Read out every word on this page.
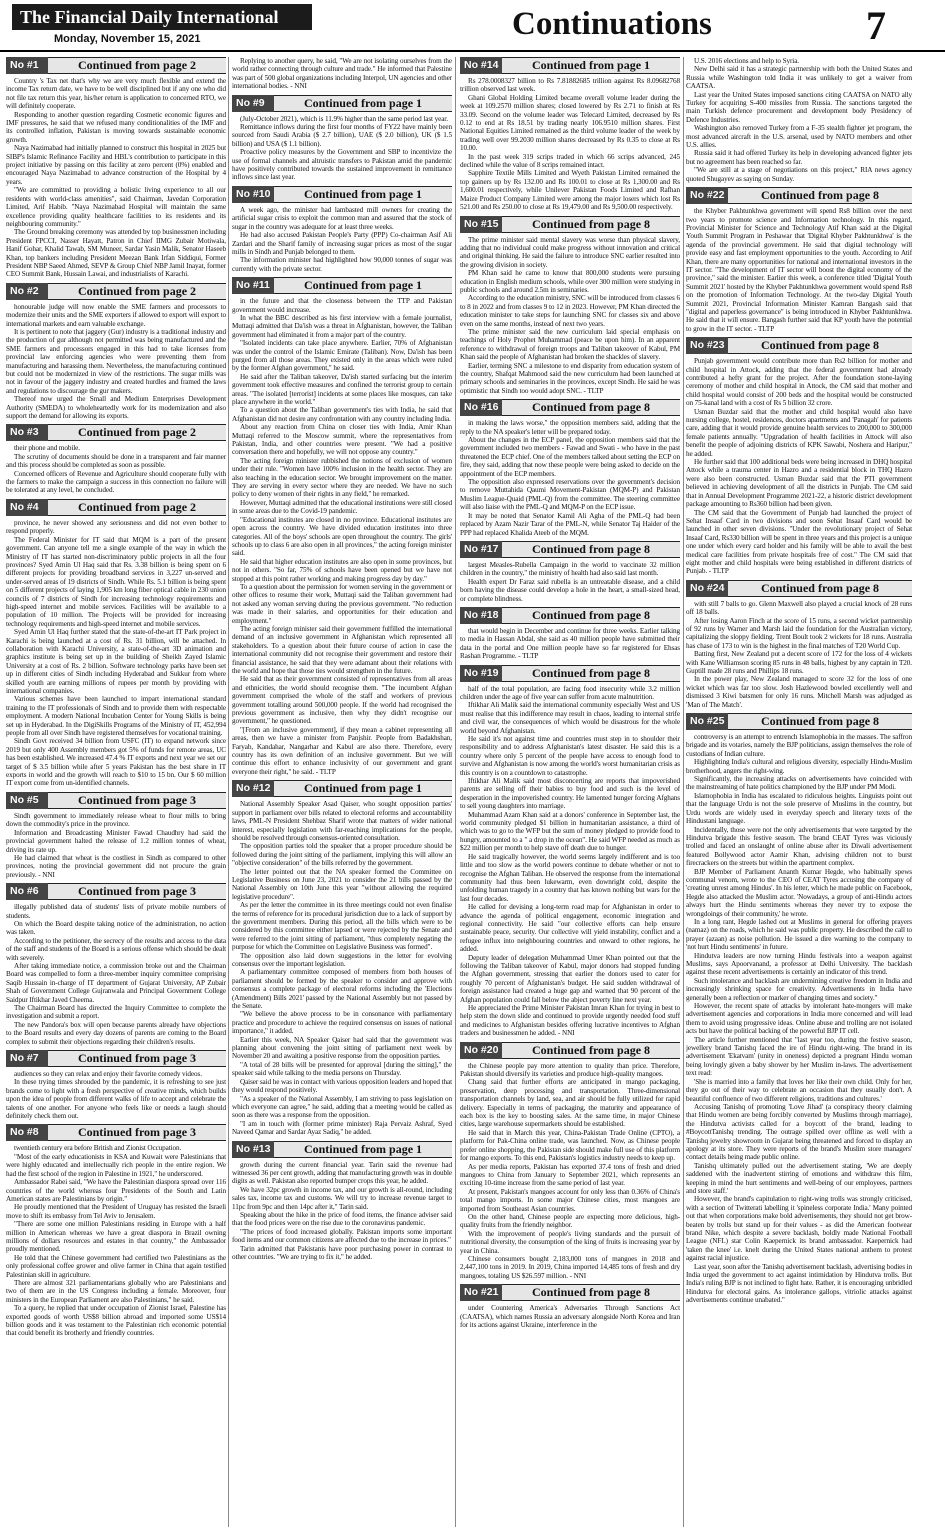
The Financial Daily International
Monday, November 15, 2021	Continuations	7
No #1	Continued from page 2

Country 's Tax net that's why we are very much flexible and extend the income Tax return date, we have to be well disciplined but if any one who did not file tax return this year, his/her return is application to concerned RTO, we will definitely cooperate.

Responding to another question regarding Cosmetic economic figures and IMF pressures, he said that we refused many conditionalities of the IMF and its controlled inflation, Pakistan is moving towards sustainable economic growth.

Naya Nazimabad had initially planned to construct this hospital in 2025 but SIBP's Islamic Refinance Facility and HBL's contribution to participate in this project initiative by passing on this facility at zero percent (0%) enabled and encouraged Naya Nazimabad to advance construction of the Hospital by 4 years.

"We are committed to providing a holistic living experience to all our residents with world-class amenities", said Chairman, Javedan Corporation Limited, Arif Habib. "Naya Nazimabad Hospital will maintain the same excellence providing quality healthcare facilities to its residents and its neighbouring community."

The Ground breaking ceremony was attended by top businessmen including President FPCCI, Nasser Hayatt, Patron in Chief IIMG Zubair Motiwala, Hanif Gohar, Khalid Tawab, SM Muneer, Sardar Yasin Malik, Senator Haseeb Khan, top bankers including President Meezan Bank Irfan Siddiqui, Former President NBP Saeed Ahmed, SEVP & Group Chief NBP Jamil Inayat, former CEO Summit Bank, Hussain Lawai, and industrialists of Karachi.

No #2	Continued from page 2

honourable judge will now enable the SME farmers and processors to modernize their units and the SME exporters if allowed to export will export to international markets and earn valuable exchange.

It is pertinent to note that jaggery (Gur) industry is a traditional industry and the production of gur although not permitted was being manufactured and the SME farmers and processors engaged in this had to take licenses from provincial law enforcing agencies who were preventing them from manufacturing and harassing them. Nevertheless, the manufacturing continued but could not be modernized in view of the restrictions. The sugar mills was not in favour of the jaggery industry and created hurdles and framed the laws and regulations to discourage the gur makers.

Thereof now urged the Small and Medium Enterprises Development Authority (SMEDA) to wholeheartedly work for its modernization and also support the demand for allowing its exports.

No #3	Continued from page 2

their phone and mobile.

The scrutiny of documents should be done in a transparent and fair manner and this process should be completed as soon as possible.

Concerned officers of Revenue and Agriculture should cooperate fully with the farmers to make the campaign a success in this connection no failure will be tolerated at any level, he concluded.

No #4	Continued from page 2

province, he never showed any seriousness and did not even bother to respond properly.

The Federal Minister for IT said that MQM is a part of the present government. Can anyone tell me a single example of the way in which the Ministry of IT has started non-discriminatory public projects in all the four provinces? Syed Amin Ul Haq said that Rs. 3.38 billion is being spent on 6 different projects for providing broadband services in 3,227 un-served and under-served areas of 19 districts of Sindh. While Rs. 5.1 billion is being spent on 5 different projects of laying 1,905 km long fiber optical cable in 230 union councils of 7 districts of Sindh for increasing technology requirements and high-speed internet and mobile services. Facilities will be available to a population of 10 million. The Projects will be provided for increasing technology requirements and high-speed internet and mobile services.

Syed Amin Ul Haq further stated that the state-of-the-art IT Park project in Karachi is being launched at a cost of Rs. 31 billion, will be attached. In collaboration with Karachi University, a state-of-the-art 3D animation and graphics institute is being set up in the building of Sheikh Zayed Islamic University at a cost of Rs. 2 billion. Software technology parks have been set up in different cities of Sindh including Hyderabad and Sukkur from where skilled youth are earning millions of rupees per month by providing with international companies.

Various schemes have been launched to impart international standard training to the IT professionals of Sindh and to provide them with respectable employment. A modern National Incubation Center for Young Skills is being set up in Hyderabad. In the DigiSkills Programs of the Ministry of IT, 452,994 people from all over Sindh have registered themselves for vocational training.

Sindh Govt received 34 billion from USFC (IT) to expand network since 2019 but only 400 Assembly members got 5% of funds for remote areas, UC has been established. We increased 47.4 % IT exports and next year we set our target of $ 3.5 billion while after 5 years Pakistan has the best share in IT exports in world and the growth will reach to $10 to 15 bn. Our $ 60 million IT export come from un-identified channels.

No #5	Continued from page 3

Sindh government to immediately release wheat to flour mills to bring down the commodity's price in the province.

Information and Broadcasting Minister Fawad Chaudhry had said the provincial government halted the release of 1.2 million tonnes of wheat, driving its rate up.

He had claimed that wheat is the costliest in Sindh as compared to other provinces, noting the provincial government did not procure the grain previously. - NNI

No #6	Continued from page 3

illegally published data of students' lists of private mobile numbers of students.

On which the Board despite taking notice of the administration, no action was taken.

According to the petitioner, the secrecy of the results and access to the data of the staff and students of the Board is a serious offense which should be dealt with severely.

After taking immediate notice, a commission broke out and the Chairman Board was compelled to form a three-member inquiry committee comprising Saqib Hussain in-charge of IT department of Gujarat University, AP Zubair Shah of Government College Gujranwala and Principal Government College Saidpur Iftikhar Javed Cheema.

The Chairman Board has directed the Inquiry Committee to complete the investigation and submit a report.

The new Pandora's box will open because parents already have objections to the Board results and every day dozens of parents are coming to the Board complex to submit their objections regarding their children's results.

No #7	Continued from page 3

audiences so they can relax and enjoy their favorite comedy videos.

In these trying times shrouded by the pandemic, it is refreshing to see just brands come to light with a fresh perspective of creative minds, which builds upon the idea of people from different walks of life to accept and celebrate the talents of one another. For anyone who feels like or needs a laugh should definitely check them out.

No #8	Continued from page 3

twentieth century era before British and Zionist Occupation.

"Most of the early educationists in KSA and Kuwait were Palestinians that were highly educated and intellectually rich people in the entire region. We had the first school of the region in Palestine in 1921," he underscored.

Ambassador Rabei said, "We have the Palestinian diaspora spread over 116 countries of the world whereas four Presidents of the South and Latin American states are Palestinians by origin."

He proudly mentioned that the President of Uruguay has resisted the Israeli move to shift its embassy from Tel Aviv to Jerusalem.

"There are some one million Palestinians residing in Europe with a half million in American whereas we have a great diaspora in Brazil owning millions of dollars resources and estates in that country," the Ambassador proudly mentioned.

He told that the Chinese government had certified two Palestinians as the only professional coffee grower and olive farmer in China that again testified Palestinian skill in agriculture.

There are almost 321 parliamentarians globally who are Palestinians and two of them are in the US Congress including a female. Moreover, four ministers in the European Parliament are also Palestinians," he said.

To a query, he replied that under occupation of Zionist Israel, Palestine has exported goods of worth US$8 billion abroad and imported some US$14 billion goods and it was testament to the Palestinian rich economic potential that could benefit its brotherly and friendly countries.

Replying to another query, he said, "We are not isolating ourselves from the world rather connecting through culture and trade." He informed that Palestine was part of 500 global organizations including Interpol, UN agencies and other international bodies. - NNI

No #9	Continued from page 1

(July-October 2021), which is 11.9% higher than the same period last year.

Remittance inflows during the first four months of FY22 have mainly been sourced from Saudi Arabia ($ 2.7 billion), UAE ($ 2.0 billion), UK ($ 1.5 billion) and USA ($ 1.1 billion).

Proactive policy measures by the Government and SBP to incentivize the use of formal channels and altruistic transfers to Pakistan amid the pandemic have positively contributed towards the sustained improvement in remittance inflows since last year.

No #10	Continued from page 1

A week ago, the minister had lambasted mill owners for creating the artificial sugar crisis to exploit the common man and assured that the stock of sugar in the country was adequate for at least three weeks.

He had also accused Pakistan People's Party (PPP) Co-chairman Asif Ali Zardari and the Sharif family of increasing sugar prices as most of the sugar mills in Sindh and Punjab belonged to them.

The information minister had highlighted how 90,000 tonnes of sugar was currently with the private sector.

No #11	Continued from page 1

in the future and that the closeness between the TTP and Pakistan government would increase.

In what the BBC described as his first interview with a female journalist, Muttaqi admitted that Da'ish was a threat in Afghanistan, however, the Taliban government had eliminated it from a major part of the country.

"Isolated incidents can take place anywhere. Earlier, 70% of Afghanistan was under the control of the Islamic Emirate (Taliban). Now, Da'ish has been purged from all those areas. They existed only in the areas which were ruled by the former Afghan government," he said.

He said after the Taliban takeover, Da'ish started surfacing but the interim government took effective measures and confined the terrorist group to certain areas. "The isolated [terrorist] incidents at some places like mosques, can take place anywhere in the world."

To a question about the Taliban government's ties with India, he said that Afghanistan did not desire any confrontation with any country including India.

About any reaction from China on closer ties with India, Amir Khan Muttaqi referred to the Moscow summit, where the representatives from Pakistan, India, and other countries were present. "We had a positive conversation there and hopefully, we will not oppose any country."

The acting foreign minister rubbished the notions of exclusion of women under their rule. "Women have 100% inclusion in the health sector. They are also teaching in the education sector. We brought improvement on the matter. They are serving in every sector where they are needed. We have no such policy to deny women of their rights in any field," he remarked.

However, Muttaqi admitted that the educational institutions were still closed in some areas due to the Covid-19 pandemic.

"Educational institutes are closed in no province. Educational institutes are open across the country. We have divided education institutes into three categories. All of the boys' schools are open throughout the country. The girls' schools up to class 6 are also open in all provinces," the acting foreign minister said.

He said that higher education institutes are also open in some provinces, but not in others. "So far, 75% of schools have been opened but we have not stopped at this point rather working and making progress day by day."

To a question about the permission for women serving in the government or other offices to resume their work, Muttaqi said the Taliban government had not asked any woman serving during the previous government. "No reduction was made in their salaries, and opportunities for their education and employment."

The acting foreign minister said their government fulfilled the international demand of an inclusive government in Afghanistan which represented all stakeholders. To a question about their future course of action in case the international community did not recognise their government and restore their financial assistance, he said that they were adamant about their relations with the world and hope that those ties would strengthen in the future.

He said that as their government consisted of representatives from all areas and ethnicities, the world should recognise them. "The incumbent Afghan government comprised the whole of the staff and workers of previous government totalling around 500,000 people. If the world had recognised the previous government as inclusive, then why they didn't recognise our government," he questioned.

"[From an inclusive government], if they mean a cabinet representing all areas, then we have a minister from Panjshir. People from Badakhshan, Faryab, Kandahar, Nangarhar and Kabul are also there. Therefore, every country has its own definition of an inclusive government. But we will continue this effort to enhance inclusivity of our government and grant everyone their right," he said. - TLTP

No #12	Continued from page 1

National Assembly Speaker Asad Qaiser, who sought opposition parties' support in parliament over bills related to electoral reforms and accountability laws, PML-N President Shehbaz Sharif wrote that matters of wider national interest, especially legislation with far-reaching implications for the people, should be resolved through consensus-oriented consultation.

The opposition parties told the speaker that a proper procedure should be followed during the joint sitting of the parliament, implying this will allow an "objective consideration" of the bills referred by the government.

The letter pointed out that the NA speaker formed the Committee on Legislative Business on June 23, 2021 to consider the 21 bills passed by the National Assembly on 10th June this year "without allowing the required legislative procedure".

As per the letter the committee in its three meetings could not even finalise the terms of reference for its procedural jurisdiction due to a lack of support by the government members. During this period, all the bills which were to be considered by this committee either lapsed or were rejected by the Senate and were referred to the joint sitting of parliament, "thus completely negating the purpose for which the Committee on Legislative Business was formed".

The opposition also laid down suggestions in the letter for evolving consensus over the important legislation.

A parliamentary committee composed of members from both houses of parliament should be formed by the speaker to consider and approve with consensus a complete package of electoral reforms including the 'Elections (Amendment) Bills 2021' passed by the National Assembly but not passed by the Senate.

"We believe the above process to be in consonance with parliamentary practice and procedure to achieve the required consensus on issues of national importance," it added.

Earlier this week, NA Speaker Qaiser had said that the government was planning about convening the joint sitting of parliament next week by November 20 and awaiting a positive response from the opposition parties.

"A total of 28 bills will be presented for approval [during the sitting]," the speaker said while talking to the media persons on Thursday.

Qaiser said he was in contact with various opposition leaders and hoped that they would respond positively.

"As a speaker of the National Assembly, I am striving to pass legislation on which everyone can agree," he said, adding that a meeting would be called as soon as there was a response from the opposition.

"I am in touch with (former prime minister) Raja Pervaiz Ashraf, Syed Naveed Qamar and Sardar Ayaz Sadiq," he added.

No #13	Continued from page 1

growth during the current financial year. Tarin said the revenue had witnessed 36 per cent growth, adding that manufacturing growth was in double digits as well. Pakistan also reported bumper crops this year, he added.

We have 32pc growth in income tax, and our growth is all-round, including sales tax, income tax and customs. We will try to increase revenue target to 11pc from 9pc and then 14pc after it," Tarin said.

Speaking about the hike in the price of food items, the finance adviser said that the food prices were on the rise due to the coronavirus pandemic.

"The prices of food increased globally. Pakistan imports some important food items and our common citizens are affected due to the increase in prices."

Tarin admitted that Pakistanis have poor purchasing power in contrast to other countries. "We are trying to fix it," he added.

No #14	Continued from page 1

Rs 278.0008327 billion to Rs 7.81882685 trillion against Rs 8.09682768 trillion observed last week.

Ghani Global Holding Limited became overall volume leader during the week at 109.2570 million shares; closed lowered by Rs 2.71 to finish at Rs 33.09. Second on the volume leader was Telecard Limited, decreased by Rs 0.12 to end at Rs 18.51 by trading nearly 106.9510 million shares. First National Equities Limited remained as the third volume leader of the week by trading well over 99.2030 million shares decreased by Rs 0.35 to close at Rs 10.00.

In the past week 319 scrips traded in which 66 scrips advanced, 245 declined while the value of 8 scrips remained intact.

Sapphire Textile Mills Limited and Wyeth Pakistan Limited remained the top gainers up by Rs 132.00 and Rs 100.01 to close at Rs 1,300.00 and Rs 1,600.01 respectively, while Unilever Pakistan Foods Limited and Rafhan Maize Product Company Limited were among the major losers which lost Rs 521.00 and Rs 250.00 to close at Rs 19,479.00 and Rs 9,500.00 respectively.

No #15	Continued from page 8

The prime minister said mental slavery was worse than physical slavery, adding that no individual could make progress without innovation and critical and original thinking. He said the failure to introduce SNC earlier resulted into the growing division in society.

PM Khan said he came to know that 800,000 students were pursuing education in English medium schools, while over 300 million were studying in public schools and around 2.5m in seminaries.

According to the education ministry, SNC will be introduced from classes 6 to 8 in 2022 and from classes 9 to 12 in 2023. However, PM Khan directed the education minister to take steps for launching SNC for classes six and above even on the same months, instead of next two years.

The prime minister said the new curriculum laid special emphasis on teachings of Holy Prophet Muhammad (peace be upon him). In an apparent reference to withdrawal of foreign troops and Taliban takeover of Kabul, PM Khan said the people of Afghanistan had broken the shackles of slavery.

Earlier, terming SNC a milestone to end disparity from education system of the country, Shafqat Mahmood said the new curriculum had been launched at primary schools and seminaries in the provinces, except Sindh. He said he was optimistic that Sindh too would adopt SNC. - TLTP

No #16	Continued from page 8

in making the laws worse," the opposition members said, adding that the reply to the NA speaker's letter will be prepared today.

About the changes in the ECP panel, the opposition members said that the government included two members - Fawad and Swati - who have in the past threatened the ECP chief. One of the members talked about setting the ECP on fire, they said, adding that now these people were being asked to decide on the appointment of the ECP members.

The opposition also expressed reservations over the government's decision to remove Muttahida Qaumi Movement-Pakistan (MQM-P) and Pakistan Muslim League-Quaid (PML-Q) from the committee. The steering committee will also liaise with the PML-Q and MQM-P on the ECP issue.

It may be noted that Senator Kamil Ali Agha of the PML-Q had been replaced by Azam Nazir Tarar of the PML-N, while Senator Taj Haider of the PPP had replaced Khalida Ateeb of the MQM.

No #17	Continued from page 8

largest Measles-Rubella Campaign in the world to vaccinate 32 million children in the country," the ministry of health had also said last month.

Health expert Dr Faraz said rubella is an untreatable disease, and a child born having the disease could develop a hole in the heart, a small-sized head, or complete blindness.

No #18	Continued from page 8

that would begin in December and continue for three weeks. Earlier talking to media in Hassan Abdal, she said as 40 million people have submitted their data in the portal and One million people have so far registered for Ehsas Rashan Programme. - TLTP

No #19	Continued from page 8

half of the total population, are facing food insecurity while 3.2 million children under the age of five year can suffer from acute malnutrition.

Iftikhar Ali Malik said the international community especially West and US must realise that this indifference may result in chaos, leading to internal strife and civil war, the consequences of which would be disastrous for the whole world beyond Afghanistan.

He said it's not against time and countries must step in to shoulder their responsibility and to address Afghanistan's latest disaster. He said this is a country where only 5 percent of the people have access to enough food to survive and Afghanistan is now among the world's worst humanitarian crisis as this country is on a countdown to catastrophe.

Iftikhar Ali Malik said most disconcerting are reports that impoverished parents are selling off their babies to buy food and such is the level of desperation in the impoverished country. He lamented hunger forcing Afghans to sell young daughters into marriage.

Muhammad Azam Khan said at a donors' conference in September last, the world community pledged $1 billion in humanitarian assistance, a third of which was to go to the WFP but the sum of money pledged to provide food to hungry, amounted to a " a drop in the ocean". He said WFP needed as much as $22 million per month to help stave off death due to hunger.

He said tragically however, the world seems largely indifferent and is too little and too slow as the world powers continue to debate whether or not to recognise the Afghan Taliban. He observed the response from the international community had thus been lukewarm, even downright cold, despite the unfolding human tragedy in a country that has known nothing but wars for the last four decades.

He called for devising a long-term road map for Afghanistan in order to advance the agenda of political engagement, economic integration and regional connectivity. He said "our collective efforts can help ensure sustainable peace, security. Our collective will yield instability, conflict and a refugee influx into neighbouring countries and onward to other regions, he added.

Deputy leader of delegation Muhammad Umer Khan pointed out that the following the Taliban takeover of Kabul, major donors had stopped funding the Afghan government, stressing that earlier the donors used to cater for roughly 70 percent of Afghanistan's budget. He said sudden withdrawal of foreign assistance had created a huge gap and warned that 90 percent of the Afghan population could fall below the abject poverty line next year.

He appreciated the Prime Minister Pakistan Imran Khan for trying in best to help stem the down slide and continued to provide urgently needed food stuff and medicines to Afghanistan besides offering lucrative incentives to Afghan traders and businessmen he added. - NNI

No #20	Continued from page 8

the Chinese people pay more attention to quality than price. Therefore, Pakistan should diversify its varieties and produce high-quality mangoes.

Chang said that further efforts are anticipated in mango packaging, preservation, deep processing and transportation. Three-dimensional transportation channels by land, sea, and air should be fully utilized for rapid delivery. Especially in terms of packaging, the maturity and appearance of each box is the key to boosting sales. At the same time, in major Chinese cities, large warehouse supermarkets should be established.

He said that in March this year, China-Pakistan Trade Online (CPTO), a platform for Pak-China online trade, was launched. Now, as Chinese people prefer online shopping, the Pakistan side should make full use of this platform for mango exports. To this end, Pakistan's logistics industry needs to keep up.

As per media reports, Pakistan has exported 37.4 tons of fresh and dried mangoes to China from January to September 2021, which represents an exciting 10-time increase from the same period of last year.

At present, Pakistan's mangoes account for only less than 0.36% of China's total mango imports. In some major Chinese cities, most mangoes are imported from Southeast Asian countries.

On the other hand, Chinese people are expecting more delicious, high-quality fruits from the friendly neighbor.

With the improvement of people's living standards and the pursuit of nutritional diversity, the consumption of the king of fruits is increasing year by year in China.

Chinese consumers bought 2,183,000 tons of mangoes in 2018 and 2,447,100 tons in 2019. In 2019, China imported 14,485 tons of fresh and dry mangoes, totaling US $26.597 million. - NNI

No #21	Continued from page 8

under Countering America's Adversaries Through Sanctions Act (CAATSA), which names Russia an adversary alongside North Korea and Iran for its actions against Ukraine, interference in the

U.S. 2016 elections and help to Syria.

New Delhi said it has a strategic partnership with both the United States and Russia while Washington told India it was unlikely to get a waiver from CAATSA.

Last year the United States imposed sanctions citing CAATSA on NATO ally Turkey for acquiring S-400 missiles from Russia. The sanctions targeted the main Turkish defence procurement and development body Presidency of Defence Industries.

Washington also removed Turkey from a F-35 stealth fighter jet program, the most advanced aircraft in the U.S. arsenal, used by NATO members and other U.S. allies.

Russia said it had offered Turkey its help in developing advanced fighter jets but no agreement has been reached so far.

"We are still at a stage of negotiations on this project," RIA news agency quoted Shugayev as saying on Sunday.

No #22	Continued from page 8

the Khyber Pakhtunkhwa government will spend Rs8 billion over the next two years to promote science and Information technology. In this regard, Provincial Minister for Science and Technology Atif Khan said at the Digital Youth Summit Program in Peshawar that 'Digital Khyber Pakhtunkhwa' is the agenda of the provincial government. He said that digital technology will provide easy and fast employment opportunities to the youth. According to Atif Khan, there are many opportunities for national and international investors in the IT sector. "The development of IT sector will boost the digital economy of the province," said the minister. Earlier this week, a conference titled 'Digital Youth Summit 2021' hosted by the Khyber Pakhtunkhwa government would spend Rs8 on the promotion of Information Technology. At the two-day Digital Youth Summit 2021, Provincial Information Minister Kamran Bangash said that "digital and paperless governance" is being introduced in Khyber Pakhtunkhwa. He said that it will ensure. Bangash further said that KP youth have the potential to grow in the IT sector. - TLTP

No #23	Continued from page 8

Punjab government would contribute more than Rs2 billion for mother and child hospital in Attock, adding that the federal government had already contributed a hefty grant for the project. After the foundation stone-laying ceremony of mother and child hospital in Attock, the CM said that mother and child hospital would consist of 200 beds and the hospital would be constructed on 75-kanal land with a cost of Rs 5 billion 32 crore.

Usman Buzdar said that the mother and child hospital would also have nursing college, hostel, residences, doctors apartments and 'Panagah' for patients care, adding that it would provide genuine health services to 200,000 to 300,000 female patients annually. "Upgradation of health facilities in Attock will also benefit the people of adjoining districts of KPK Sawabi, Noshera and Haripur," he added.

He further said that 100 additional beds were being increased in DHQ hospital Attock while a trauma center in Hazro and a residential block in THQ Hazro were also been constructed. Usman Buzdar said that the PTI government believed in achieving development of all the districts in Punjab. The CM said that in Annual Development Programme 2021-22, a historic district development package amounting to Rs360 billion had been given.

The CM said that the Government of Punjab had launched the project of Sehat Insaaf Card in two divisions and soon Sehat Insaaf Card would be launched in other seven divisions. "Under the revolutionary project of Sehat Insaaf Card, Rs330 billion will be spent in three years and this project is a unique one under which every card holder and his family will be able to avail the best medical care facilities from private hospitals free of cost." The CM said that eight mother and child hospitals were being established in different districts of Punjab. - TLTP

No #24	Continued from page 8

with still 7 balls to go. Glenn Maxwell also played a crucial knock of 28 runs off 18 balls.

After losing Aaron Finch at the score of 15 runs, a second wicket partnership of 92 runs by Warner and Marsh laid the foundation for the Australian victory, capitalizing the sloppy fielding. Trent Boult took 2 wickets for 18 runs. Australia has chase of 173 to win is the highest in the final matches of T20 World Cup.

Batting first, New Zealand put a decent score of 172 for the loss of 4 wickets with Kane Williamson scoring 85 runs in 48 balls, highest by any captain in T20. Guptill made 28 runs and Phillips 18 runs.

In the power play, New Zealand managed to score 32 for the loss of one wicket which was far too slow. Josh Hazlewood bowled excellently well and dismissed 3 Kiwi batsmen for only 16 runs. Mitchell Marsh was adjudged as 'Man of The Match'.

No #25	Continued from page 8

controversy is an attempt to entrench Islamophobia in the masses. The saffron brigade and its votaries, namely the BJP politicians, assign themselves the role of custodians of Indian culture.

Highlighting India's cultural and religious diversity, especially Hindu-Muslim brotherhood, angers the right-wing.

Significantly, the increasing attacks on advertisements have coincided with the mainstreaming of hate politics championed by the BJP under PM Modi.

Islamophobia in India has escalated to ridiculous heights. Linguists point out that the language Urdu is not the sole preserve of Muslims in the country, but Urdu words are widely used in everyday speech and literary texts of the Hindustani language.

Incidentally, those were not the only advertisements that were targeted by the Hindutva brigade this festive season. The brand CEAT Tyres was viciously trolled and faced an onslaught of online abuse after its Diwali advertisement featured Bollywood actor Aamir Khan, advising children not to burst firecrackers on the streets but within the apartment complex.

BJP Member of Parliament Ananth Kumar Hegde, who habitually spews communal venom, wrote to the CEO of CEAT Tyres accusing the company of 'creating unrest among Hindus'. In his letter, which he made public on Facebook, Hegde also attacked the Muslim actor. 'Nowadays, a group of anti-Hindu actors always hurt the Hindu sentiments whereas they never try to expose the wrongdoings of their community,' he wrote.

In a long rant, Hegde lashed out at Muslims in general for offering prayers (namaz) on the roads, which he said was public property. He described the call to prayer (azaan) as noise pollution. He issued a dire warning to the company to 'not hurt Hindu sentiments' in future.

Hindutva leaders are now turning Hindu festivals into a weapon against Muslims, says Apoorvanand, a professor at Delhi University. The backlash against these recent advertisements is certainly an indicator of this trend.

Such intolerance and backlash are undermining creative freedom in India and increasingly shrinking space for creativity. Advertisements in India have generally been a reflection or marker of changing times and society."

However, the recent spate of attacks by intolerant hate-mongers will make advertisement agencies and corporations in India more concerned and will lead them to avoid using progressive ideas. Online abuse and trolling are not isolated acts but have the political backing of the powerful BJP IT cell.

The article further mentioned that "last year too, during the festive season, jewellery brand Tanishq faced the ire of Hindu right-wing. The brand in its advertisement 'Ekatvam' (unity in oneness) depicted a pregnant Hindu woman being lovingly given a baby shower by her Muslim in-laws. The advertisement text read:

'She is married into a family that loves her like their own child. Only for her, they go out of their way to celebrate an occasion that they usually don't. A beautiful confluence of two different religions, traditions and cultures.'

Accusing Tanishq of promoting 'Love Jihad' (a conspiracy theory claiming that Hindu women are being forcibly converted by Muslims through marriage), the Hindutva activists called for a boycott of the brand, leading to #BoycottTanishq trending. The outrage spilled over offline as well with a Tanishq jewelry showroom in Gujarat being threatened and forced to display an apology at its store. They were reports of the brand's Muslim store managers' contact details being made public online.

Tanishq ultimately pulled out the advertisement stating, 'We are deeply saddened with the inadvertent stirring of emotions and withdraw this film, keeping in mind the hurt sentiments and well-being of our employees, partners and store staff.'

However, the brand's capitulation to right-wing trolls was strongly criticised, with a section of Twitterati labelling it 'spineless corporate India.' Many pointed out that when corporations make bold advertisements, they should not get brow-beaten by trolls but stand up for their values - as did the American footwear brand Nike, which despite a severe backlash, boldly made National Football League (NFL) star Colin Kaepernick its brand ambassador. Kaepernick had 'taken the knee' i.e. knelt during the United States national anthem to protest against racial injustice.

Last year, soon after the Tanishq advertisement backlash, advertising bodies in India urged the government to act against intimidation by Hindutva trolls. But India's ruling BJP is not inclined to fight hate. Rather, it is encouraging unbridled Hindutva for electoral gains. As intolerance gallops, vitriolic attacks against advertisements continue unabated."
